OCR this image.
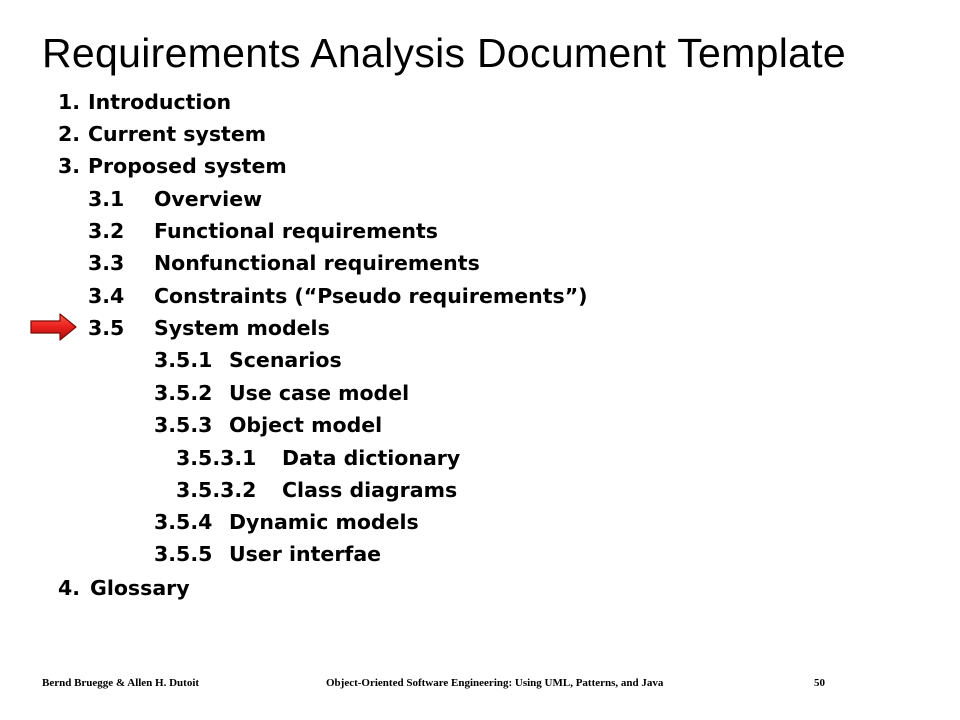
Requirements Analysis Document Template
1. Introduction
2. Current system
3. Proposed system
3.1 Overview
3.2 Functional requirements
3.3 Nonfunctional requirements
3.4 Constraints (“Pseudo requirements”)
3.5 System models
3.5.1 Scenarios
3.5.2 Use case model
3.5.3 Object model
3.5.3.1 Data dictionary
3.5.3.2 Class diagrams
3.5.4 Dynamic models
3.5.5 User interfae
4. Glossary
Bernd Bruegge & Allen H. Dutoit	Object-Oriented Software Engineering: Using UML, Patterns, and Java	50
